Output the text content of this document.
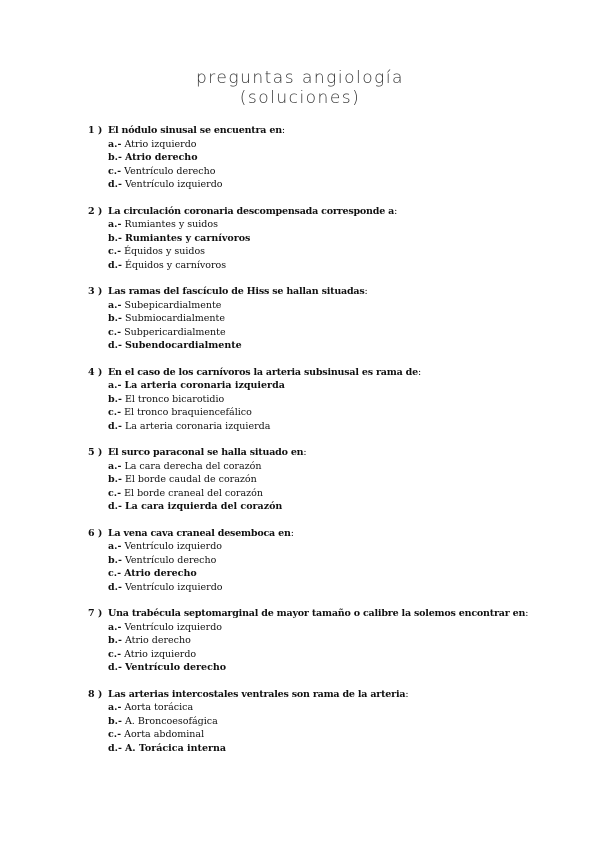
preguntas angiología
(soluciones)
1 ) El nódulo sinusal se encuentra en:
a.- Atrio izquierdo
b.- Atrio derecho
c.- Ventrículo derecho
d.- Ventrículo izquierdo
2 ) La circulación coronaria descompensada corresponde a:
a.- Rumiantes y suidos
b.- Rumiantes y carnívoros
c.- Équidos y suidos
d.- Équidos y carnívoros
3 ) Las ramas del fascículo de Hiss se hallan situadas:
a.- Subepicardialmente
b.- Submiocardialmente
c.- Subpericardialmente
d.- Subendocardialmente
4 ) En el caso de los carnívoros la arteria subsinusal es rama de:
a.- La arteria coronaria izquierda
b.- El tronco bicarotidio
c.- El tronco braquiencefálico
d.- La arteria coronaria izquierda
5 ) El surco paraconal se halla situado en:
a.- La cara derecha del corazón
b.- El borde caudal de corazón
c.- El borde craneal del corazón
d.- La cara izquierda del corazón
6 ) La vena cava craneal desemboca en:
a.- Ventrículo izquierdo
b.- Ventrículo derecho
c.- Atrio derecho
d.- Ventrículo izquierdo
7 ) Una trabécula septomarginal de mayor tamaño o calibre la solemos encontrar en:
a.- Ventrículo izquierdo
b.- Atrio derecho
c.- Atrio izquierdo
d.- Ventrículo derecho
8 ) Las arterias intercostales ventrales son rama de la arteria:
a.- Aorta torácica
b.- A. Broncoesofágica
c.- Aorta abdominal
d.- A. Torácica interna
